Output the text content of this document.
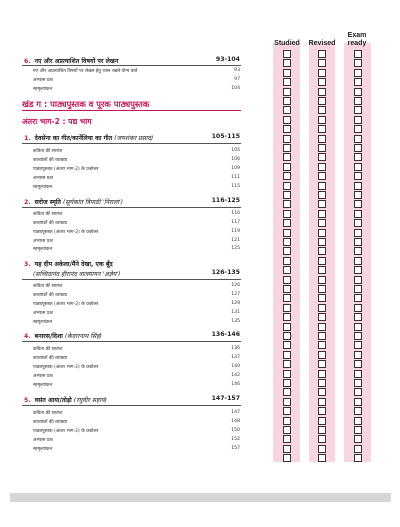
Studied	Revised
Exam ready
6. नए और अप्रत्याशित विषयों पर लेखन	93-104
नए और अप्रत्याशित विषयों पर लेखन हेतु ध्यान रखने योग्य बातें	93
अभ्यास प्रश्न	97
स्वमूल्यांकन	104
खंड ग : पाठ्यपुस्तक व पूरक पाठ्यपुस्तक
अंतरा भाग-2 : पद्य भाग
1. देवसेना का गीत/कार्नेलिया का गीत (जयशंकर प्रसाद)	105-115
कविता की सारांश	105
काव्यांशों की व्याख्या	106
पाठ्यपुस्तक (अंतरा भाग-2) के प्रश्नोत्तर	109
अभ्यास प्रश्न	111
स्वमूल्यांकन	115
2. सरोज स्मृति (सूर्यकांत त्रिपाठी 'निराला')	116-125
कविता की सारांश	116
काव्यांशों की व्याख्या	117
पाठ्यपुस्तक (अंतरा भाग-2) के प्रश्नोत्तर	119
अभ्यास प्रश्न	121
स्वमूल्यांकन	125
3. यह दीप अकेला/मैंने देखा, एक बूँद
(सच्चिदानंद हीरानंद वात्स्यायन 'अज्ञेय')	126-135
कविता की सारांश	126
काव्यांशों की व्याख्या	127
पाठ्यपुस्तक (अंतरा भाग-2) के प्रश्नोत्तर	129
अभ्यास प्रश्न	131
स्वमूल्यांकन	135
4. बनारस/दिशा (केदारनाथ सिंह)	136-146
कविता की सारांश	136
काव्यांशों की व्याख्या	137
पाठ्यपुस्तक (अंतरा भाग-2) के प्रश्नोत्तर	140
अभ्यास प्रश्न	142
स्वमूल्यांकन	146
5. वसंत आया/तोड़ो (रघुवीर सहाय)	147-157
कविता की सारांश	147
काव्यांशों की व्याख्या	148
पाठ्यपुस्तक (अंतरा भाग-2) के प्रश्नोत्तर	150
अभ्यास प्रश्न	152
स्वमूल्यांकन	157
